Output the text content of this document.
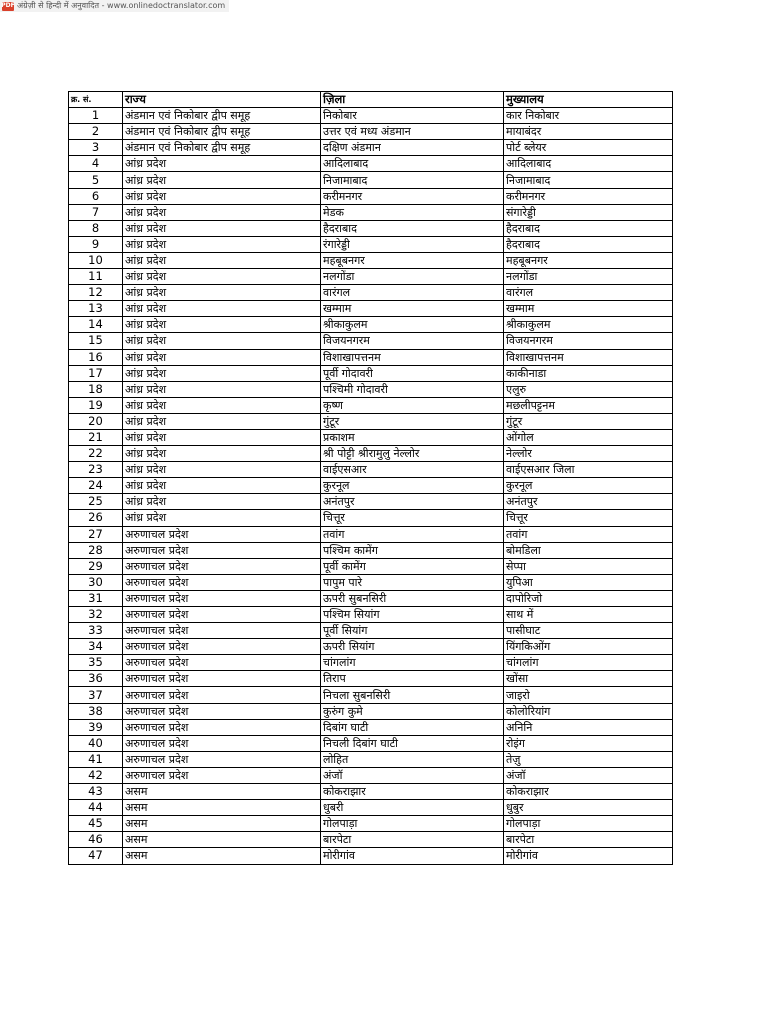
PDF अंग्रेज़ी से हिन्दी में अनुवादित - www.onlinedoctranslator.com
क्र. सं.	राज्य	ज़िला	मुख्यालय
1	अंडमान एवं निकोबार द्वीप समूह	निकोबार	कार निकोबार
2	अंडमान एवं निकोबार द्वीप समूह	उत्तर एवं मध्य अंडमान	मायाबंदर
3	अंडमान एवं निकोबार द्वीप समूह	दक्षिण अंडमान	पोर्ट ब्लेयर
4	आंध्र प्रदेश	आदिलाबाद	आदिलाबाद
5	आंध्र प्रदेश	निजामाबाद	निजामाबाद
6	आंध्र प्रदेश	करीमनगर	करीमनगर
7	आंध्र प्रदेश	मेडक	संगारेड्डी
8	आंध्र प्रदेश	हैदराबाद	हैदराबाद
9	आंध्र प्रदेश	रंगारेड्डी	हैदराबाद
10	आंध्र प्रदेश	महबूबनगर	महबूबनगर
11	आंध्र प्रदेश	नलगोंडा	नलगोंडा
12	आंध्र प्रदेश	वारंगल	वारंगल
13	आंध्र प्रदेश	खम्माम	खम्माम
14	आंध्र प्रदेश	श्रीकाकुलम	श्रीकाकुलम
15	आंध्र प्रदेश	विजयनगरम	विजयनगरम
16	आंध्र प्रदेश	विशाखापत्तनम	विशाखापत्तनम
17	आंध्र प्रदेश	पूर्वी गोदावरी	काकीनाडा
18	आंध्र प्रदेश	पश्चिमी गोदावरी	एलुरु
19	आंध्र प्रदेश	कृष्ण	मछलीपट्टनम
20	आंध्र प्रदेश	गुंटूर	गुंटूर
21	आंध्र प्रदेश	प्रकाशम	ओंगोल
22	आंध्र प्रदेश	श्री पोट्टी श्रीरामुलु नेल्लोर	नेल्लोर
23	आंध्र प्रदेश	वाईएसआर	वाईएसआर जिला
24	आंध्र प्रदेश	कुरनूल	कुरनूल
25	आंध्र प्रदेश	अनंतपुर	अनंतपुर
26	आंध्र प्रदेश	चित्तूर	चित्तूर
27	अरुणाचल प्रदेश	तवांग	तवांग
28	अरुणाचल प्रदेश	पश्चिम कामेंग	बोमडिला
29	अरुणाचल प्रदेश	पूर्वी कामेंग	सेप्पा
30	अरुणाचल प्रदेश	पापुम पारे	युपिआ
31	अरुणाचल प्रदेश	ऊपरी सुबनसिरी	दापोरिजो
32	अरुणाचल प्रदेश	पश्चिम सियांग	साथ में
33	अरुणाचल प्रदेश	पूर्वी सियांग	पासीघाट
34	अरुणाचल प्रदेश	ऊपरी सियांग	यिंगकिओंग
35	अरुणाचल प्रदेश	चांगलांग	चांगलांग
36	अरुणाचल प्रदेश	तिराप	खोंसा
37	अरुणाचल प्रदेश	निचला सुबनसिरी	जाइरो
38	अरुणाचल प्रदेश	कुरुंग कुमे	कोलोरियांग
39	अरुणाचल प्रदेश	दिबांग घाटी	अनिनि
40	अरुणाचल प्रदेश	निचली दिबांग घाटी	रोइंग
41	अरुणाचल प्रदेश	लोहित	तेज़ु
42	अरुणाचल प्रदेश	अंजॉ	अंजॉ
43	असम	कोकराझार	कोकराझार
44	असम	धुबरी	धुबुर
45	असम	गोलपाड़ा	गोलपाड़ा
46	असम	बारपेटा	बारपेटा
47	असम	मोरीगांव	मोरीगांव
